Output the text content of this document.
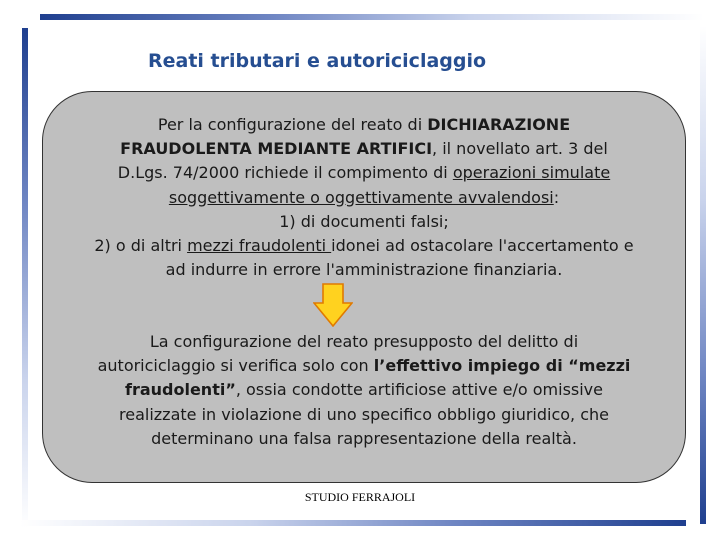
Reati tributari e autoriciclaggio
Per la configurazione del reato di DICHIARAZIONE
FRAUDOLENTA MEDIANTE ARTIFICI, il novellato art. 3 del
D.Lgs. 74/2000 richiede il compimento di operazioni simulate
soggettivamente o oggettivamente avvalendosi:
1) di documenti falsi;
2) o di altri mezzi fraudolenti idonei ad ostacolare l'accertamento e
ad indurre in errore l'amministrazione finanziaria.
La configurazione del reato presupposto del delitto di
autoriciclaggio si verifica solo con l’effettivo impiego di “mezzi
fraudolenti”, ossia condotte artificiose attive e/o omissive
realizzate in violazione di uno specifico obbligo giuridico, che
determinano una falsa rappresentazione della realtà.
STUDIO FERRAJOLI
